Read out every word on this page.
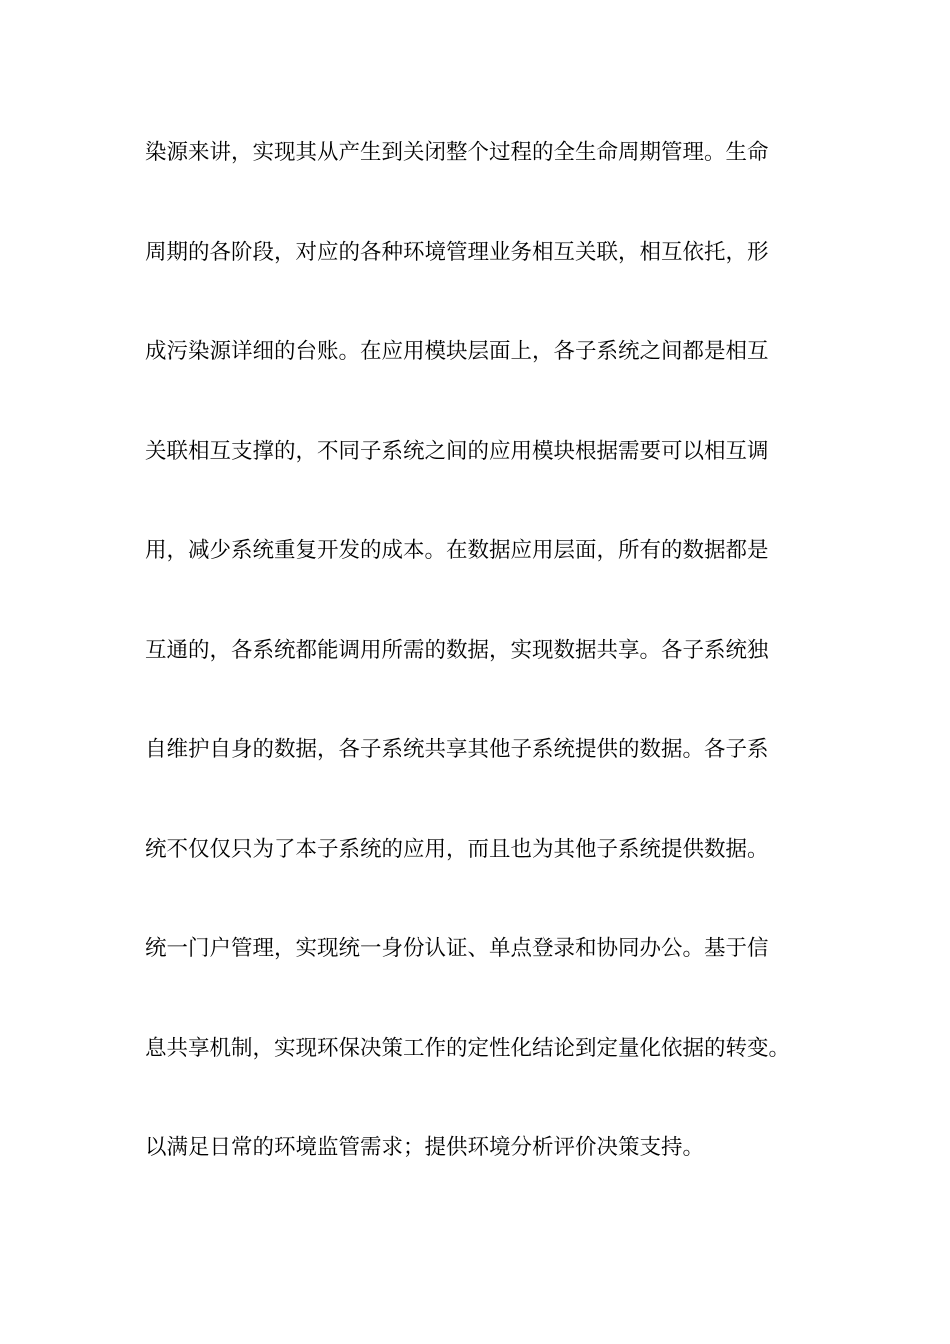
染源来讲，实现其从产生到关闭整个过程的全生命周期管理。生命
周期的各阶段，对应的各种环境管理业务相互关联，相互依托，形
成污染源详细的台账。在应用模块层面上，各子系统之间都是相互
关联相互支撑的，不同子系统之间的应用模块根据需要可以相互调
用，减少系统重复开发的成本。在数据应用层面，所有的数据都是
互通的，各系统都能调用所需的数据，实现数据共享。各子系统独
自维护自身的数据，各子系统共享其他子系统提供的数据。各子系
统不仅仅只为了本子系统的应用，而且也为其他子系统提供数据。
统一门户管理，实现统一身份认证、单点登录和协同办公。基于信
息共享机制，实现环保决策工作的定性化结论到定量化依据的转变。
以满足日常的环境监管需求；提供环境分析评价决策支持。
